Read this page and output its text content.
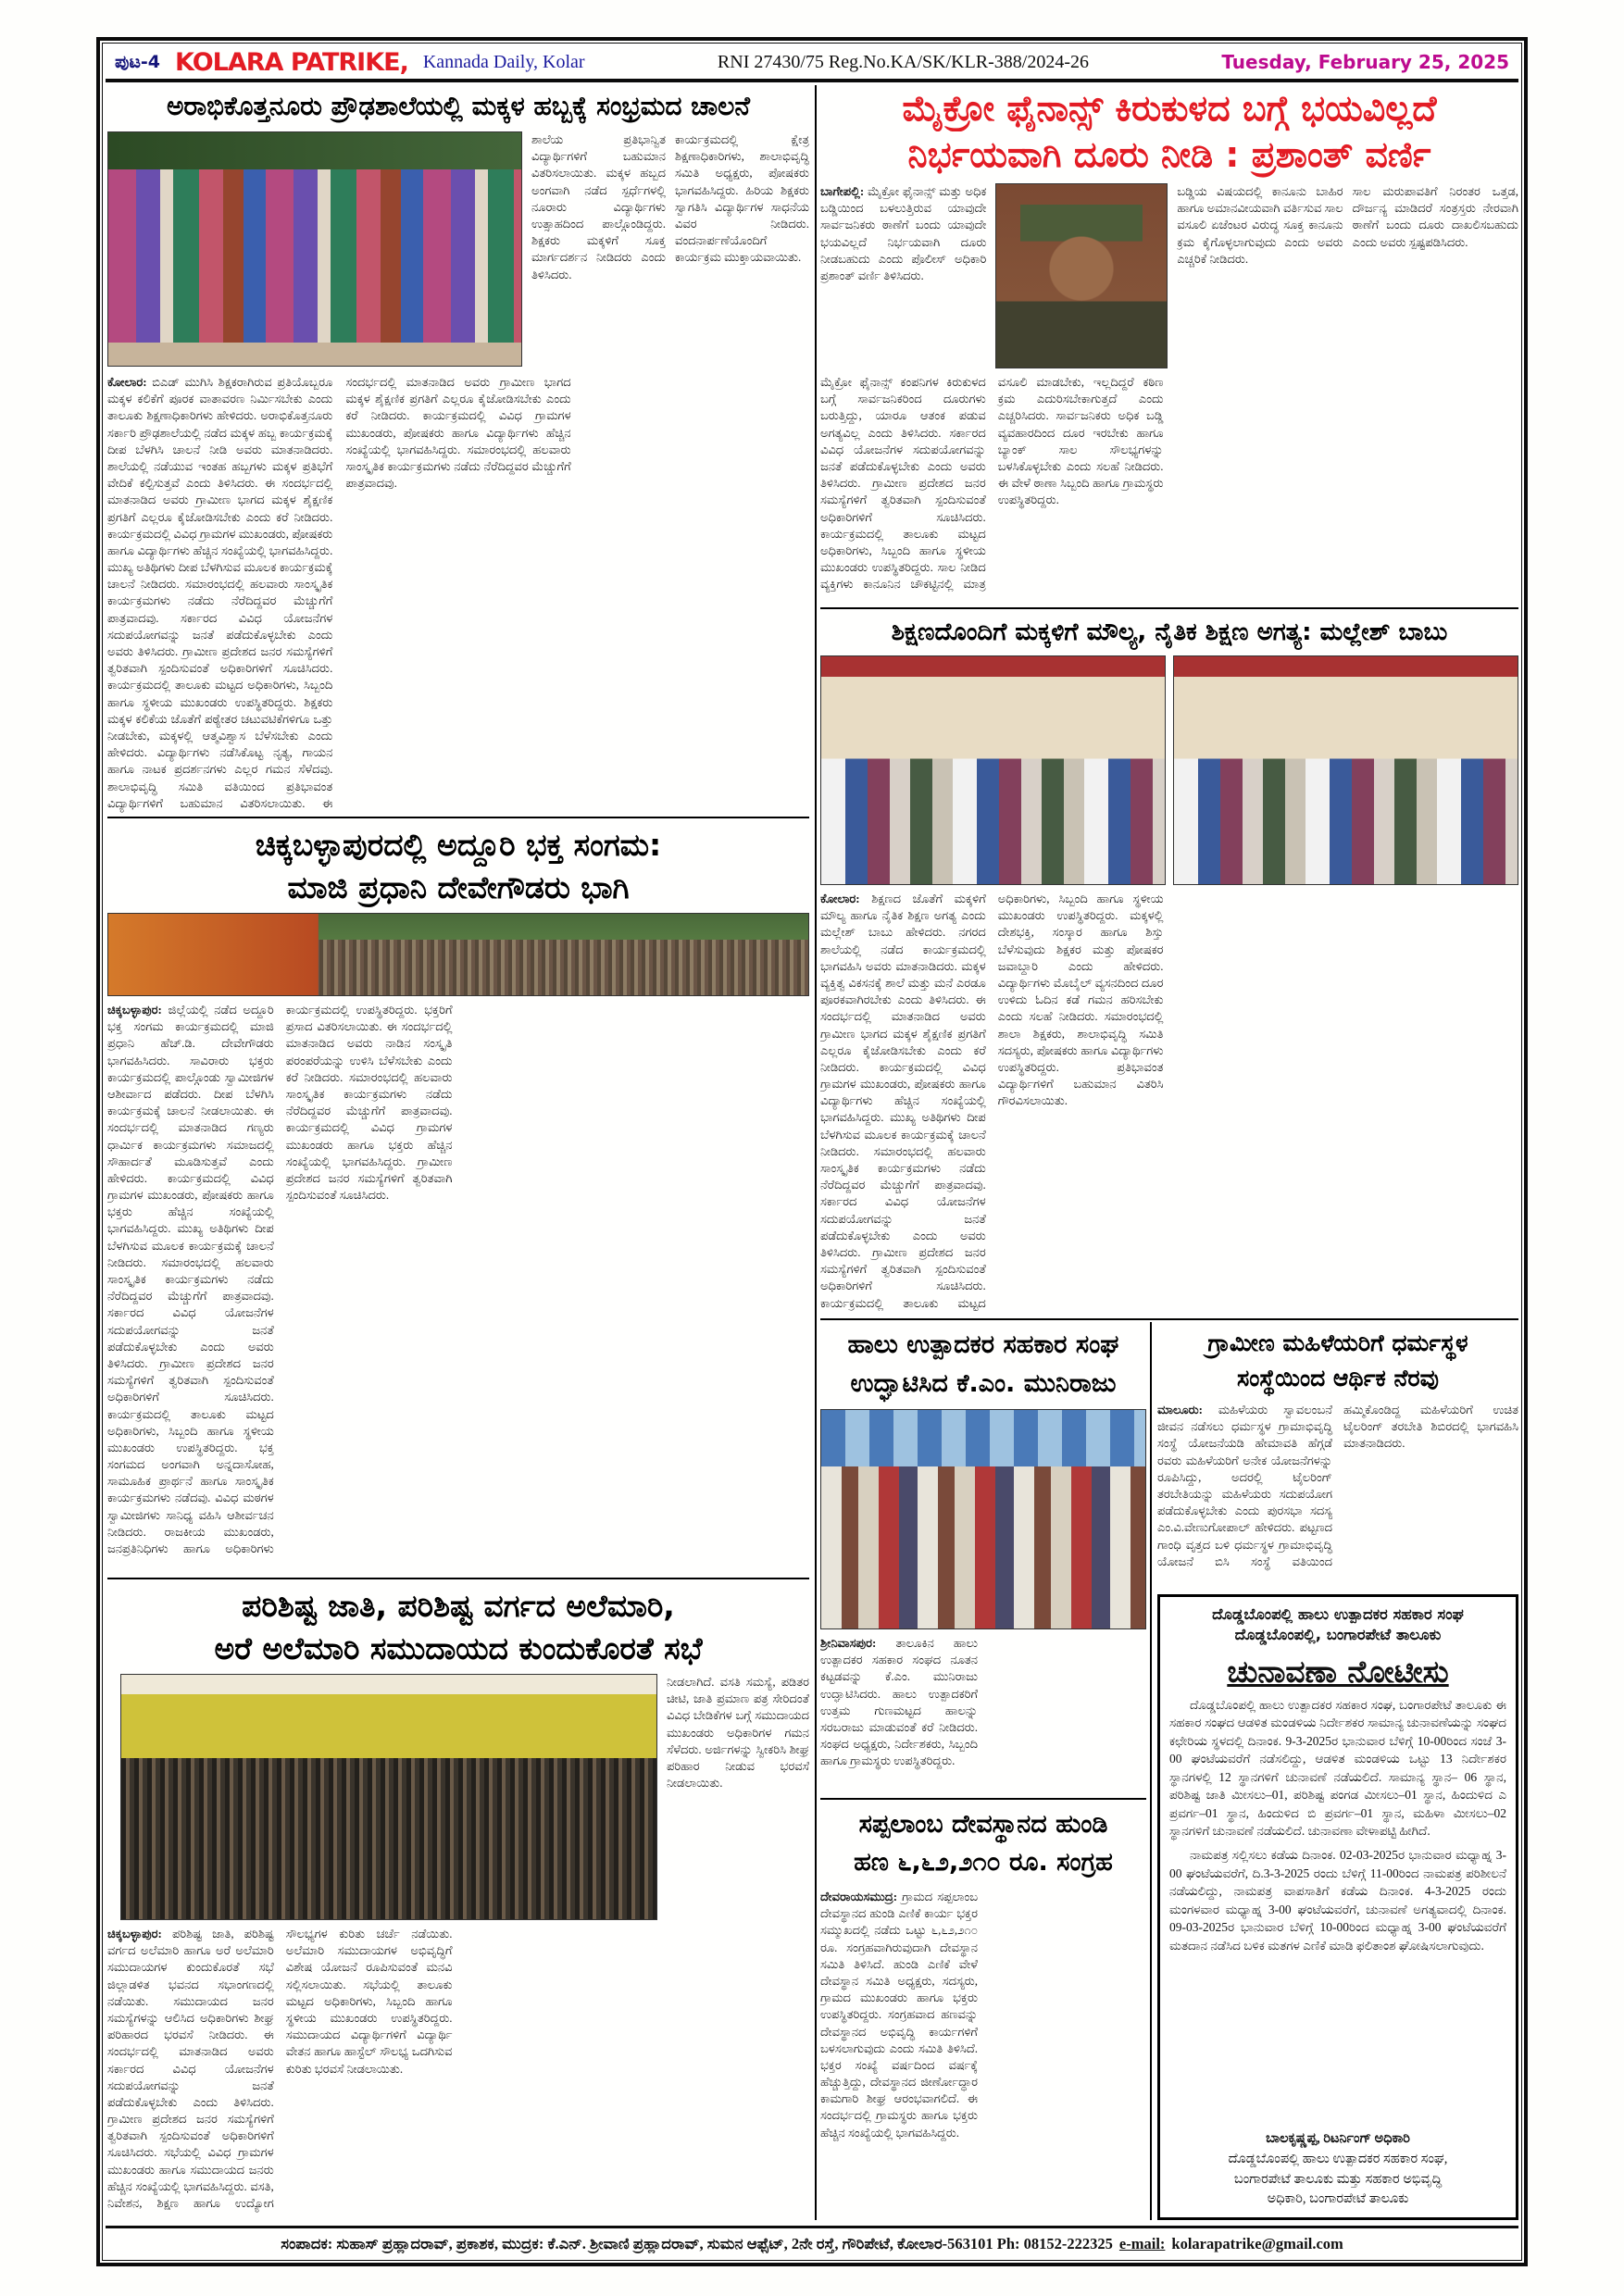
ಪುಟ-4 KOLARA PATRIKE, Kannada Daily, Kolar	RNI 27430/75 Reg.No.KA/SK/KLR-388/2024-26	Tuesday, February 25, 2025
ಅರಾಭಿಕೊತ್ತನೂರು ಪ್ರೌಢಶಾಲೆಯಲ್ಲಿ ಮಕ್ಕಳ ಹಬ್ಬಕ್ಕೆ ಸಂಭ್ರಮದ ಚಾಲನೆ
ಶಾಲೆಯ ಪ್ರತಿಭಾನ್ವಿತ ವಿದ್ಯಾರ್ಥಿಗಳಿಗೆ ಬಹುಮಾನ ವಿತರಿಸಲಾಯಿತು. ಮಕ್ಕಳ ಹಬ್ಬದ ಅಂಗವಾಗಿ ನಡೆದ ಸ್ಪರ್ಧೆಗಳಲ್ಲಿ ನೂರಾರು ವಿದ್ಯಾರ್ಥಿಗಳು ಉತ್ಸಾಹದಿಂದ ಪಾಲ್ಗೊಂಡಿದ್ದರು. ಶಿಕ್ಷಕರು ಮಕ್ಕಳಿಗೆ ಸೂಕ್ತ ಮಾರ್ಗದರ್ಶನ ನೀಡಿದರು ಎಂದು ತಿಳಿಸಿದರು.
ಕಾರ್ಯಕ್ರಮದಲ್ಲಿ ಕ್ಷೇತ್ರ ಶಿಕ್ಷಣಾಧಿಕಾರಿಗಳು, ಶಾಲಾಭಿವೃದ್ಧಿ ಸಮಿತಿ ಅಧ್ಯಕ್ಷರು, ಪೋಷಕರು ಭಾಗವಹಿಸಿದ್ದರು. ಹಿರಿಯ ಶಿಕ್ಷಕರು ಸ್ವಾಗತಿಸಿ ವಿದ್ಯಾರ್ಥಿಗಳ ಸಾಧನೆಯ ವಿವರ ನೀಡಿದರು. ವಂದನಾರ್ಪಣೆಯೊಂದಿಗೆ ಕಾರ್ಯಕ್ರಮ ಮುಕ್ತಾಯವಾಯಿತು.
ಕೋಲಾರ: ಬಿಎಡ್ ಮುಗಿಸಿ ಶಿಕ್ಷಕರಾಗಿರುವ ಪ್ರತಿಯೊಬ್ಬರೂ ಮಕ್ಕಳ ಕಲಿಕೆಗೆ ಪೂರಕ ವಾತಾವರಣ ನಿರ್ಮಿಸಬೇಕು ಎಂದು ತಾಲೂಕು ಶಿಕ್ಷಣಾಧಿಕಾರಿಗಳು ಹೇಳಿದರು. ಅರಾಭಿಕೊತ್ತನೂರು ಸರ್ಕಾರಿ ಪ್ರೌಢಶಾಲೆಯಲ್ಲಿ ನಡೆದ ಮಕ್ಕಳ ಹಬ್ಬ ಕಾರ್ಯಕ್ರಮಕ್ಕೆ ದೀಪ ಬೆಳಗಿಸಿ ಚಾಲನೆ ನೀಡಿ ಅವರು ಮಾತನಾಡಿದರು. ಶಾಲೆಯಲ್ಲಿ ನಡೆಯುವ ಇಂತಹ ಹಬ್ಬಗಳು ಮಕ್ಕಳ ಪ್ರತಿಭೆಗೆ ವೇದಿಕೆ ಕಲ್ಪಿಸುತ್ತವೆ ಎಂದು ತಿಳಿಸಿದರು. ಈ ಸಂದರ್ಭದಲ್ಲಿ ಮಾತನಾಡಿದ ಅವರು ಗ್ರಾಮೀಣ ಭಾಗದ ಮಕ್ಕಳ ಶೈಕ್ಷಣಿಕ ಪ್ರಗತಿಗೆ ಎಲ್ಲರೂ ಕೈಜೋಡಿಸಬೇಕು ಎಂದು ಕರೆ ನೀಡಿದರು. ಕಾರ್ಯಕ್ರಮದಲ್ಲಿ ವಿವಿಧ ಗ್ರಾಮಗಳ ಮುಖಂಡರು, ಪೋಷಕರು ಹಾಗೂ ವಿದ್ಯಾರ್ಥಿಗಳು ಹೆಚ್ಚಿನ ಸಂಖ್ಯೆಯಲ್ಲಿ ಭಾಗವಹಿಸಿದ್ದರು. ಮುಖ್ಯ ಅತಿಥಿಗಳು ದೀಪ ಬೆಳಗಿಸುವ ಮೂಲಕ ಕಾರ್ಯಕ್ರಮಕ್ಕೆ ಚಾಲನೆ ನೀಡಿದರು. ಸಮಾರಂಭದಲ್ಲಿ ಹಲವಾರು ಸಾಂಸ್ಕೃತಿಕ ಕಾರ್ಯಕ್ರಮಗಳು ನಡೆದು ನೆರೆದಿದ್ದವರ ಮೆಚ್ಚುಗೆಗೆ ಪಾತ್ರವಾದವು. ಸರ್ಕಾರದ ವಿವಿಧ ಯೋಜನೆಗಳ ಸದುಪಯೋಗವನ್ನು ಜನತೆ ಪಡೆದುಕೊಳ್ಳಬೇಕು ಎಂದು ಅವರು ತಿಳಿಸಿದರು. ಗ್ರಾಮೀಣ ಪ್ರದೇಶದ ಜನರ ಸಮಸ್ಯೆಗಳಿಗೆ ತ್ವರಿತವಾಗಿ ಸ್ಪಂದಿಸುವಂತೆ ಅಧಿಕಾರಿಗಳಿಗೆ ಸೂಚಿಸಿದರು. ಕಾರ್ಯಕ್ರಮದಲ್ಲಿ ತಾಲೂಕು ಮಟ್ಟದ ಅಧಿಕಾರಿಗಳು, ಸಿಬ್ಬಂದಿ ಹಾಗೂ ಸ್ಥಳೀಯ ಮುಖಂಡರು ಉಪಸ್ಥಿತರಿದ್ದರು. ಶಿಕ್ಷಕರು ಮಕ್ಕಳ ಕಲಿಕೆಯ ಜೊತೆಗೆ ಪಠ್ಯೇತರ ಚಟುವಟಿಕೆಗಳಿಗೂ ಒತ್ತು ನೀಡಬೇಕು, ಮಕ್ಕಳಲ್ಲಿ ಆತ್ಮವಿಶ್ವಾಸ ಬೆಳೆಸಬೇಕು ಎಂದು ಹೇಳಿದರು. ವಿದ್ಯಾರ್ಥಿಗಳು ನಡೆಸಿಕೊಟ್ಟ ನೃತ್ಯ, ಗಾಯನ ಹಾಗೂ ನಾಟಕ ಪ್ರದರ್ಶನಗಳು ಎಲ್ಲರ ಗಮನ ಸೆಳೆದವು. ಶಾಲಾಭಿವೃದ್ಧಿ ಸಮಿತಿ ವತಿಯಿಂದ ಪ್ರತಿಭಾವಂತ ವಿದ್ಯಾರ್ಥಿಗಳಿಗೆ ಬಹುಮಾನ ವಿತರಿಸಲಾಯಿತು. ಈ ಸಂದರ್ಭದಲ್ಲಿ ಮಾತನಾಡಿದ ಅವರು ಗ್ರಾಮೀಣ ಭಾಗದ ಮಕ್ಕಳ ಶೈಕ್ಷಣಿಕ ಪ್ರಗತಿಗೆ ಎಲ್ಲರೂ ಕೈಜೋಡಿಸಬೇಕು ಎಂದು ಕರೆ ನೀಡಿದರು. ಕಾರ್ಯಕ್ರಮದಲ್ಲಿ ವಿವಿಧ ಗ್ರಾಮಗಳ ಮುಖಂಡರು, ಪೋಷಕರು ಹಾಗೂ ವಿದ್ಯಾರ್ಥಿಗಳು ಹೆಚ್ಚಿನ ಸಂಖ್ಯೆಯಲ್ಲಿ ಭಾಗವಹಿಸಿದ್ದರು. ಸಮಾರಂಭದಲ್ಲಿ ಹಲವಾರು ಸಾಂಸ್ಕೃತಿಕ ಕಾರ್ಯಕ್ರಮಗಳು ನಡೆದು ನೆರೆದಿದ್ದವರ ಮೆಚ್ಚುಗೆಗೆ ಪಾತ್ರವಾದವು.
ಚಿಕ್ಕಬಳ್ಳಾಪುರದಲ್ಲಿ ಅದ್ದೂರಿ ಭಕ್ತ ಸಂಗಮ:
ಮಾಜಿ ಪ್ರಧಾನಿ ದೇವೇಗೌಡರು ಭಾಗಿ
ಚಿಕ್ಕಬಳ್ಳಾಪುರ: ಜಿಲ್ಲೆಯಲ್ಲಿ ನಡೆದ ಅದ್ದೂರಿ ಭಕ್ತ ಸಂಗಮ ಕಾರ್ಯಕ್ರಮದಲ್ಲಿ ಮಾಜಿ ಪ್ರಧಾನಿ ಹೆಚ್.ಡಿ. ದೇವೇಗೌಡರು ಭಾಗವಹಿಸಿದರು. ಸಾವಿರಾರು ಭಕ್ತರು ಕಾರ್ಯಕ್ರಮದಲ್ಲಿ ಪಾಲ್ಗೊಂಡು ಸ್ವಾಮೀಜಿಗಳ ಆಶೀರ್ವಾದ ಪಡೆದರು. ದೀಪ ಬೆಳಗಿಸಿ ಕಾರ್ಯಕ್ರಮಕ್ಕೆ ಚಾಲನೆ ನೀಡಲಾಯಿತು. ಈ ಸಂದರ್ಭದಲ್ಲಿ ಮಾತನಾಡಿದ ಗಣ್ಯರು ಧಾರ್ಮಿಕ ಕಾರ್ಯಕ್ರಮಗಳು ಸಮಾಜದಲ್ಲಿ ಸೌಹಾರ್ದತೆ ಮೂಡಿಸುತ್ತವೆ ಎಂದು ಹೇಳಿದರು. ಕಾರ್ಯಕ್ರಮದಲ್ಲಿ ವಿವಿಧ ಗ್ರಾಮಗಳ ಮುಖಂಡರು, ಪೋಷಕರು ಹಾಗೂ ಭಕ್ತರು ಹೆಚ್ಚಿನ ಸಂಖ್ಯೆಯಲ್ಲಿ ಭಾಗವಹಿಸಿದ್ದರು. ಮುಖ್ಯ ಅತಿಥಿಗಳು ದೀಪ ಬೆಳಗಿಸುವ ಮೂಲಕ ಕಾರ್ಯಕ್ರಮಕ್ಕೆ ಚಾಲನೆ ನೀಡಿದರು. ಸಮಾರಂಭದಲ್ಲಿ ಹಲವಾರು ಸಾಂಸ್ಕೃತಿಕ ಕಾರ್ಯಕ್ರಮಗಳು ನಡೆದು ನೆರೆದಿದ್ದವರ ಮೆಚ್ಚುಗೆಗೆ ಪಾತ್ರವಾದವು. ಸರ್ಕಾರದ ವಿವಿಧ ಯೋಜನೆಗಳ ಸದುಪಯೋಗವನ್ನು ಜನತೆ ಪಡೆದುಕೊಳ್ಳಬೇಕು ಎಂದು ಅವರು ತಿಳಿಸಿದರು. ಗ್ರಾಮೀಣ ಪ್ರದೇಶದ ಜನರ ಸಮಸ್ಯೆಗಳಿಗೆ ತ್ವರಿತವಾಗಿ ಸ್ಪಂದಿಸುವಂತೆ ಅಧಿಕಾರಿಗಳಿಗೆ ಸೂಚಿಸಿದರು. ಕಾರ್ಯಕ್ರಮದಲ್ಲಿ ತಾಲೂಕು ಮಟ್ಟದ ಅಧಿಕಾರಿಗಳು, ಸಿಬ್ಬಂದಿ ಹಾಗೂ ಸ್ಥಳೀಯ ಮುಖಂಡರು ಉಪಸ್ಥಿತರಿದ್ದರು. ಭಕ್ತ ಸಂಗಮದ ಅಂಗವಾಗಿ ಅನ್ನದಾಸೋಹ, ಸಾಮೂಹಿಕ ಪ್ರಾರ್ಥನೆ ಹಾಗೂ ಸಾಂಸ್ಕೃತಿಕ ಕಾರ್ಯಕ್ರಮಗಳು ನಡೆದವು. ವಿವಿಧ ಮಠಗಳ ಸ್ವಾಮೀಜಿಗಳು ಸಾನಿಧ್ಯ ವಹಿಸಿ ಆಶೀರ್ವಚನ ನೀಡಿದರು. ರಾಜಕೀಯ ಮುಖಂಡರು, ಜನಪ್ರತಿನಿಧಿಗಳು ಹಾಗೂ ಅಧಿಕಾರಿಗಳು ಕಾರ್ಯಕ್ರಮದಲ್ಲಿ ಉಪಸ್ಥಿತರಿದ್ದರು. ಭಕ್ತರಿಗೆ ಪ್ರಸಾದ ವಿತರಿಸಲಾಯಿತು. ಈ ಸಂದರ್ಭದಲ್ಲಿ ಮಾತನಾಡಿದ ಅವರು ನಾಡಿನ ಸಂಸ್ಕೃತಿ ಪರಂಪರೆಯನ್ನು ಉಳಿಸಿ ಬೆಳೆಸಬೇಕು ಎಂದು ಕರೆ ನೀಡಿದರು. ಸಮಾರಂಭದಲ್ಲಿ ಹಲವಾರು ಸಾಂಸ್ಕೃತಿಕ ಕಾರ್ಯಕ್ರಮಗಳು ನಡೆದು ನೆರೆದಿದ್ದವರ ಮೆಚ್ಚುಗೆಗೆ ಪಾತ್ರವಾದವು. ಕಾರ್ಯಕ್ರಮದಲ್ಲಿ ವಿವಿಧ ಗ್ರಾಮಗಳ ಮುಖಂಡರು ಹಾಗೂ ಭಕ್ತರು ಹೆಚ್ಚಿನ ಸಂಖ್ಯೆಯಲ್ಲಿ ಭಾಗವಹಿಸಿದ್ದರು. ಗ್ರಾಮೀಣ ಪ್ರದೇಶದ ಜನರ ಸಮಸ್ಯೆಗಳಿಗೆ ತ್ವರಿತವಾಗಿ ಸ್ಪಂದಿಸುವಂತೆ ಸೂಚಿಸಿದರು.
ಪರಿಶಿಷ್ಟ ಜಾತಿ, ಪರಿಶಿಷ್ಟ ವರ್ಗದ ಅಲೆಮಾರಿ,
ಅರೆ ಅಲೆಮಾರಿ ಸಮುದಾಯದ ಕುಂದುಕೊರತೆ ಸಭೆ
ನೀಡಲಾಗಿದೆ. ವಸತಿ ಸಮಸ್ಯೆ, ಪಡಿತರ ಚೀಟಿ, ಜಾತಿ ಪ್ರಮಾಣ ಪತ್ರ ಸೇರಿದಂತೆ ವಿವಿಧ ಬೇಡಿಕೆಗಳ ಬಗ್ಗೆ ಸಮುದಾಯದ ಮುಖಂಡರು ಅಧಿಕಾರಿಗಳ ಗಮನ ಸೆಳೆದರು. ಅರ್ಜಿಗಳನ್ನು ಸ್ವೀಕರಿಸಿ ಶೀಘ್ರ ಪರಿಹಾರ ನೀಡುವ ಭರವಸೆ ನೀಡಲಾಯಿತು.
ಚಿಕ್ಕಬಳ್ಳಾಪುರ: ಪರಿಶಿಷ್ಟ ಜಾತಿ, ಪರಿಶಿಷ್ಟ ವರ್ಗದ ಅಲೆಮಾರಿ ಹಾಗೂ ಅರೆ ಅಲೆಮಾರಿ ಸಮುದಾಯಗಳ ಕುಂದುಕೊರತೆ ಸಭೆ ಜಿಲ್ಲಾಡಳಿತ ಭವನದ ಸಭಾಂಗಣದಲ್ಲಿ ನಡೆಯಿತು. ಸಮುದಾಯದ ಜನರ ಸಮಸ್ಯೆಗಳನ್ನು ಆಲಿಸಿದ ಅಧಿಕಾರಿಗಳು ಶೀಘ್ರ ಪರಿಹಾರದ ಭರವಸೆ ನೀಡಿದರು. ಈ ಸಂದರ್ಭದಲ್ಲಿ ಮಾತನಾಡಿದ ಅವರು ಸರ್ಕಾರದ ವಿವಿಧ ಯೋಜನೆಗಳ ಸದುಪಯೋಗವನ್ನು ಜನತೆ ಪಡೆದುಕೊಳ್ಳಬೇಕು ಎಂದು ತಿಳಿಸಿದರು. ಗ್ರಾಮೀಣ ಪ್ರದೇಶದ ಜನರ ಸಮಸ್ಯೆಗಳಿಗೆ ತ್ವರಿತವಾಗಿ ಸ್ಪಂದಿಸುವಂತೆ ಅಧಿಕಾರಿಗಳಿಗೆ ಸೂಚಿಸಿದರು. ಸಭೆಯಲ್ಲಿ ವಿವಿಧ ಗ್ರಾಮಗಳ ಮುಖಂಡರು ಹಾಗೂ ಸಮುದಾಯದ ಜನರು ಹೆಚ್ಚಿನ ಸಂಖ್ಯೆಯಲ್ಲಿ ಭಾಗವಹಿಸಿದ್ದರು. ವಸತಿ, ನಿವೇಶನ, ಶಿಕ್ಷಣ ಹಾಗೂ ಉದ್ಯೋಗ ಸೌಲಭ್ಯಗಳ ಕುರಿತು ಚರ್ಚೆ ನಡೆಯಿತು. ಅಲೆಮಾರಿ ಸಮುದಾಯಗಳ ಅಭಿವೃದ್ಧಿಗೆ ವಿಶೇಷ ಯೋಜನೆ ರೂಪಿಸುವಂತೆ ಮನವಿ ಸಲ್ಲಿಸಲಾಯಿತು. ಸಭೆಯಲ್ಲಿ ತಾಲೂಕು ಮಟ್ಟದ ಅಧಿಕಾರಿಗಳು, ಸಿಬ್ಬಂದಿ ಹಾಗೂ ಸ್ಥಳೀಯ ಮುಖಂಡರು ಉಪಸ್ಥಿತರಿದ್ದರು. ಸಮುದಾಯದ ವಿದ್ಯಾರ್ಥಿಗಳಿಗೆ ವಿದ್ಯಾರ್ಥಿ ವೇತನ ಹಾಗೂ ಹಾಸ್ಟೆಲ್ ಸೌಲಭ್ಯ ಒದಗಿಸುವ ಕುರಿತು ಭರವಸೆ ನೀಡಲಾಯಿತು.
ಮೈಕ್ರೋ ಫೈನಾನ್ಸ್ ಕಿರುಕುಳದ ಬಗ್ಗೆ ಭಯವಿಲ್ಲದೆ
ನಿರ್ಭಯವಾಗಿ ದೂರು ನೀಡಿ : ಪ್ರಶಾಂತ್ ವರ್ಣಿ
ಬಾಗೇಪಲ್ಲಿ: ಮೈಕ್ರೋ ಫೈನಾನ್ಸ್ ಮತ್ತು ಅಧಿಕ ಬಡ್ಡಿಯಿಂದ ಬಳಲುತ್ತಿರುವ ಯಾವುದೇ ಸಾರ್ವಜನಿಕರು ಠಾಣೆಗೆ ಬಂದು ಯಾವುದೇ ಭಯವಿಲ್ಲದೆ ನಿರ್ಭಯವಾಗಿ ದೂರು ನೀಡಬಹುದು ಎಂದು ಪೊಲೀಸ್ ಅಧಿಕಾರಿ ಪ್ರಶಾಂತ್ ವರ್ಣಿ ತಿಳಿಸಿದರು.
ಬಡ್ಡಿಯ ವಿಷಯದಲ್ಲಿ ಕಾನೂನು ಬಾಹಿರ ಹಾಗೂ ಅಮಾನವೀಯವಾಗಿ ವರ್ತಿಸುವ ಸಾಲ ವಸೂಲಿ ಏಜೆಂಟರ ವಿರುದ್ಧ ಸೂಕ್ತ ಕಾನೂನು ಕ್ರಮ ಕೈಗೊಳ್ಳಲಾಗುವುದು ಎಂದು ಅವರು ಎಚ್ಚರಿಕೆ ನೀಡಿದರು.
ಸಾಲ ಮರುಪಾವತಿಗೆ ನಿರಂತರ ಒತ್ತಡ, ದೌರ್ಜನ್ಯ ಮಾಡಿದರೆ ಸಂತ್ರಸ್ತರು ನೇರವಾಗಿ ಠಾಣೆಗೆ ಬಂದು ದೂರು ದಾಖಲಿಸಬಹುದು ಎಂದು ಅವರು ಸ್ಪಷ್ಟಪಡಿಸಿದರು.
ಮೈಕ್ರೋ ಫೈನಾನ್ಸ್ ಕಂಪನಿಗಳ ಕಿರುಕುಳದ ಬಗ್ಗೆ ಸಾರ್ವಜನಿಕರಿಂದ ದೂರುಗಳು ಬರುತ್ತಿದ್ದು, ಯಾರೂ ಆತಂಕ ಪಡುವ ಅಗತ್ಯವಿಲ್ಲ ಎಂದು ತಿಳಿಸಿದರು. ಸರ್ಕಾರದ ವಿವಿಧ ಯೋಜನೆಗಳ ಸದುಪಯೋಗವನ್ನು ಜನತೆ ಪಡೆದುಕೊಳ್ಳಬೇಕು ಎಂದು ಅವರು ತಿಳಿಸಿದರು. ಗ್ರಾಮೀಣ ಪ್ರದೇಶದ ಜನರ ಸಮಸ್ಯೆಗಳಿಗೆ ತ್ವರಿತವಾಗಿ ಸ್ಪಂದಿಸುವಂತೆ ಅಧಿಕಾರಿಗಳಿಗೆ ಸೂಚಿಸಿದರು. ಕಾರ್ಯಕ್ರಮದಲ್ಲಿ ತಾಲೂಕು ಮಟ್ಟದ ಅಧಿಕಾರಿಗಳು, ಸಿಬ್ಬಂದಿ ಹಾಗೂ ಸ್ಥಳೀಯ ಮುಖಂಡರು ಉಪಸ್ಥಿತರಿದ್ದರು. ಸಾಲ ನೀಡಿದ ವ್ಯಕ್ತಿಗಳು ಕಾನೂನಿನ ಚೌಕಟ್ಟಿನಲ್ಲಿ ಮಾತ್ರ ವಸೂಲಿ ಮಾಡಬೇಕು, ಇಲ್ಲದಿದ್ದರೆ ಕಠಿಣ ಕ್ರಮ ಎದುರಿಸಬೇಕಾಗುತ್ತದೆ ಎಂದು ಎಚ್ಚರಿಸಿದರು. ಸಾರ್ವಜನಿಕರು ಅಧಿಕ ಬಡ್ಡಿ ವ್ಯವಹಾರದಿಂದ ದೂರ ಇರಬೇಕು ಹಾಗೂ ಬ್ಯಾಂಕ್ ಸಾಲ ಸೌಲಭ್ಯಗಳನ್ನು ಬಳಸಿಕೊಳ್ಳಬೇಕು ಎಂದು ಸಲಹೆ ನೀಡಿದರು. ಈ ವೇಳೆ ಠಾಣಾ ಸಿಬ್ಬಂದಿ ಹಾಗೂ ಗ್ರಾಮಸ್ಥರು ಉಪಸ್ಥಿತರಿದ್ದರು.
ಶಿಕ್ಷಣದೊಂದಿಗೆ ಮಕ್ಕಳಿಗೆ ಮೌಲ್ಯ, ನೈತಿಕ ಶಿಕ್ಷಣ ಅಗತ್ಯ: ಮಲ್ಲೇಶ್ ಬಾಬು
ಕೋಲಾರ: ಶಿಕ್ಷಣದ ಜೊತೆಗೆ ಮಕ್ಕಳಿಗೆ ಮೌಲ್ಯ ಹಾಗೂ ನೈತಿಕ ಶಿಕ್ಷಣ ಅಗತ್ಯ ಎಂದು ಮಲ್ಲೇಶ್ ಬಾಬು ಹೇಳಿದರು. ನಗರದ ಶಾಲೆಯಲ್ಲಿ ನಡೆದ ಕಾರ್ಯಕ್ರಮದಲ್ಲಿ ಭಾಗವಹಿಸಿ ಅವರು ಮಾತನಾಡಿದರು. ಮಕ್ಕಳ ವ್ಯಕ್ತಿತ್ವ ವಿಕಸನಕ್ಕೆ ಶಾಲೆ ಮತ್ತು ಮನೆ ಎರಡೂ ಪೂರಕವಾಗಿರಬೇಕು ಎಂದು ತಿಳಿಸಿದರು. ಈ ಸಂದರ್ಭದಲ್ಲಿ ಮಾತನಾಡಿದ ಅವರು ಗ್ರಾಮೀಣ ಭಾಗದ ಮಕ್ಕಳ ಶೈಕ್ಷಣಿಕ ಪ್ರಗತಿಗೆ ಎಲ್ಲರೂ ಕೈಜೋಡಿಸಬೇಕು ಎಂದು ಕರೆ ನೀಡಿದರು. ಕಾರ್ಯಕ್ರಮದಲ್ಲಿ ವಿವಿಧ ಗ್ರಾಮಗಳ ಮುಖಂಡರು, ಪೋಷಕರು ಹಾಗೂ ವಿದ್ಯಾರ್ಥಿಗಳು ಹೆಚ್ಚಿನ ಸಂಖ್ಯೆಯಲ್ಲಿ ಭಾಗವಹಿಸಿದ್ದರು. ಮುಖ್ಯ ಅತಿಥಿಗಳು ದೀಪ ಬೆಳಗಿಸುವ ಮೂಲಕ ಕಾರ್ಯಕ್ರಮಕ್ಕೆ ಚಾಲನೆ ನೀಡಿದರು. ಸಮಾರಂಭದಲ್ಲಿ ಹಲವಾರು ಸಾಂಸ್ಕೃತಿಕ ಕಾರ್ಯಕ್ರಮಗಳು ನಡೆದು ನೆರೆದಿದ್ದವರ ಮೆಚ್ಚುಗೆಗೆ ಪಾತ್ರವಾದವು. ಸರ್ಕಾರದ ವಿವಿಧ ಯೋಜನೆಗಳ ಸದುಪಯೋಗವನ್ನು ಜನತೆ ಪಡೆದುಕೊಳ್ಳಬೇಕು ಎಂದು ಅವರು ತಿಳಿಸಿದರು. ಗ್ರಾಮೀಣ ಪ್ರದೇಶದ ಜನರ ಸಮಸ್ಯೆಗಳಿಗೆ ತ್ವರಿತವಾಗಿ ಸ್ಪಂದಿಸುವಂತೆ ಅಧಿಕಾರಿಗಳಿಗೆ ಸೂಚಿಸಿದರು. ಕಾರ್ಯಕ್ರಮದಲ್ಲಿ ತಾಲೂಕು ಮಟ್ಟದ ಅಧಿಕಾರಿಗಳು, ಸಿಬ್ಬಂದಿ ಹಾಗೂ ಸ್ಥಳೀಯ ಮುಖಂಡರು ಉಪಸ್ಥಿತರಿದ್ದರು. ಮಕ್ಕಳಲ್ಲಿ ದೇಶಭಕ್ತಿ, ಸಂಸ್ಕಾರ ಹಾಗೂ ಶಿಸ್ತು ಬೆಳೆಸುವುದು ಶಿಕ್ಷಕರ ಮತ್ತು ಪೋಷಕರ ಜವಾಬ್ದಾರಿ ಎಂದು ಹೇಳಿದರು. ವಿದ್ಯಾರ್ಥಿಗಳು ಮೊಬೈಲ್ ವ್ಯಸನದಿಂದ ದೂರ ಉಳಿದು ಓದಿನ ಕಡೆ ಗಮನ ಹರಿಸಬೇಕು ಎಂದು ಸಲಹೆ ನೀಡಿದರು. ಸಮಾರಂಭದಲ್ಲಿ ಶಾಲಾ ಶಿಕ್ಷಕರು, ಶಾಲಾಭಿವೃದ್ಧಿ ಸಮಿತಿ ಸದಸ್ಯರು, ಪೋಷಕರು ಹಾಗೂ ವಿದ್ಯಾರ್ಥಿಗಳು ಉಪಸ್ಥಿತರಿದ್ದರು. ಪ್ರತಿಭಾವಂತ ವಿದ್ಯಾರ್ಥಿಗಳಿಗೆ ಬಹುಮಾನ ವಿತರಿಸಿ ಗೌರವಿಸಲಾಯಿತು.
ಹಾಲು ಉತ್ಪಾದಕರ ಸಹಕಾರ ಸಂಘ
ಉದ್ಘಾಟಿಸಿದ ಕೆ.ಎಂ. ಮುನಿರಾಜು
ಶ್ರೀನಿವಾಸಪುರ: ತಾಲೂಕಿನ ಹಾಲು ಉತ್ಪಾದಕರ ಸಹಕಾರ ಸಂಘದ ನೂತನ ಕಟ್ಟಡವನ್ನು ಕೆ.ಎಂ. ಮುನಿರಾಜು ಉದ್ಘಾಟಿಸಿದರು. ಹಾಲು ಉತ್ಪಾದಕರಿಗೆ ಉತ್ತಮ ಗುಣಮಟ್ಟದ ಹಾಲನ್ನು ಸರಬರಾಜು ಮಾಡುವಂತೆ ಕರೆ ನೀಡಿದರು. ಸಂಘದ ಅಧ್ಯಕ್ಷರು, ನಿರ್ದೇಶಕರು, ಸಿಬ್ಬಂದಿ ಹಾಗೂ ಗ್ರಾಮಸ್ಥರು ಉಪಸ್ಥಿತರಿದ್ದರು.
ಸಪ್ಪಲಾಂಬ ದೇವಸ್ಥಾನದ ಹುಂಡಿ
ಹಣ ೬,೬೨,೨೧೦ ರೂ. ಸಂಗ್ರಹ
ದೇವರಾಯಸಮುದ್ರ: ಗ್ರಾಮದ ಸಪ್ಪಲಾಂಬ ದೇವಸ್ಥಾನದ ಹುಂಡಿ ಎಣಿಕೆ ಕಾರ್ಯ ಭಕ್ತರ ಸಮ್ಮುಖದಲ್ಲಿ ನಡೆದು ಒಟ್ಟು ೬,೬೨,೨೧೦ ರೂ. ಸಂಗ್ರಹವಾಗಿರುವುದಾಗಿ ದೇವಸ್ಥಾನ ಸಮಿತಿ ತಿಳಿಸಿದೆ. ಹುಂಡಿ ಎಣಿಕೆ ವೇಳೆ ದೇವಸ್ಥಾನ ಸಮಿತಿ ಅಧ್ಯಕ್ಷರು, ಸದಸ್ಯರು, ಗ್ರಾಮದ ಮುಖಂಡರು ಹಾಗೂ ಭಕ್ತರು ಉಪಸ್ಥಿತರಿದ್ದರು. ಸಂಗ್ರಹವಾದ ಹಣವನ್ನು ದೇವಸ್ಥಾನದ ಅಭಿವೃದ್ಧಿ ಕಾರ್ಯಗಳಿಗೆ ಬಳಸಲಾಗುವುದು ಎಂದು ಸಮಿತಿ ತಿಳಿಸಿದೆ. ಭಕ್ತರ ಸಂಖ್ಯೆ ವರ್ಷದಿಂದ ವರ್ಷಕ್ಕೆ ಹೆಚ್ಚುತ್ತಿದ್ದು, ದೇವಸ್ಥಾನದ ಜೀರ್ಣೋದ್ಧಾರ ಕಾಮಗಾರಿ ಶೀಘ್ರ ಆರಂಭವಾಗಲಿದೆ. ಈ ಸಂದರ್ಭದಲ್ಲಿ ಗ್ರಾಮಸ್ಥರು ಹಾಗೂ ಭಕ್ತರು ಹೆಚ್ಚಿನ ಸಂಖ್ಯೆಯಲ್ಲಿ ಭಾಗವಹಿಸಿದ್ದರು.
ಗ್ರಾಮೀಣ ಮಹಿಳೆಯರಿಗೆ ಧರ್ಮಸ್ಥಳ
ಸಂಸ್ಥೆಯಿಂದ ಆರ್ಥಿಕ ನೆರವು
ಮಾಲೂರು: ಮಹಿಳೆಯರು ಸ್ವಾವಲಂಬನೆ ಜೀವನ ನಡೆಸಲು ಧರ್ಮಸ್ಥಳ ಗ್ರಾಮಾಭಿವೃದ್ಧಿ ಸಂಸ್ಥೆ ಯೋಜನೆಯಡಿ ಹೇಮಾವತಿ ಹೆಗ್ಗಡೆ ರವರು ಮಹಿಳೆಯರಿಗೆ ಅನೇಕ ಯೋಜನೆಗಳನ್ನು ರೂಪಿಸಿದ್ದು, ಅದರಲ್ಲಿ ಟೈಲರಿಂಗ್ ತರಬೇತಿಯನ್ನು ಮಹಿಳೆಯರು ಸದುಪಯೋಗ ಪಡೆದುಕೊಳ್ಳಬೇಕು ಎಂದು ಪುರಸಭಾ ಸದಸ್ಯ ಎಂ.ವಿ.ವೇಣುಗೋಪಾಲ್ ಹೇಳಿದರು. ಪಟ್ಟಣದ ಗಾಂಧಿ ವೃತ್ತದ ಬಳಿ ಧರ್ಮಸ್ಥಳ ಗ್ರಾಮಾಭಿವೃದ್ಧಿ ಯೋಜನೆ ಬಿಸಿ ಸಂಸ್ಥೆ ವತಿಯಿಂದ ಹಮ್ಮಿಕೊಂಡಿದ್ದ ಮಹಿಳೆಯರಿಗೆ ಉಚಿತ ಟೈಲರಿಂಗ್ ತರಬೇತಿ ಶಿಬಿರದಲ್ಲಿ ಭಾಗವಹಿಸಿ ಮಾತನಾಡಿದರು.
ದೊಡ್ಡಬೊಂಪಲ್ಲಿ ಹಾಲು ಉತ್ಪಾದಕರ ಸಹಕಾರ ಸಂಘ
ದೊಡ್ಡಬೊಂಪಲ್ಲಿ, ಬಂಗಾರಪೇಟೆ ತಾಲೂಕು
ಚುನಾವಣಾ ನೋಟೀಸು

ದೊಡ್ಡಬೊಂಪಲ್ಲಿ ಹಾಲು ಉತ್ಪಾದಕರ ಸಹಕಾರ ಸಂಘ, ಬಂಗಾರಪೇಟೆ ತಾಲೂಕು ಈ ಸಹಕಾರ ಸಂಘದ ಆಡಳಿತ ಮಂಡಳಿಯ ನಿರ್ದೇಶಕರ ಸಾಮಾನ್ಯ ಚುನಾವಣೆಯನ್ನು ಸಂಘದ ಕಛೇರಿಯ ಸ್ಥಳದಲ್ಲಿ ದಿನಾಂಕ. 9-3-2025ರ ಭಾನುವಾರ ಬೆಳಿಗ್ಗೆ 10-00ರಿಂದ ಸಂಜೆ 3-00 ಘಂಟೆಯವರೆಗೆ ನಡೆಸಲಿದ್ದು, ಆಡಳಿತ ಮಂಡಳಿಯ ಒಟ್ಟು 13 ನಿರ್ದೇಶಕರ ಸ್ಥಾನಗಳಲ್ಲಿ 12 ಸ್ಥಾನಗಳಿಗೆ ಚುನಾವಣೆ ನಡೆಯಲಿದೆ. ಸಾಮಾನ್ಯ ಸ್ಥಾನ– 06 ಸ್ಥಾನ, ಪರಿಶಿಷ್ಟ ಜಾತಿ ಮೀಸಲು–01, ಪರಿಶಿಷ್ಟ ಪಂಗಡ ಮೀಸಲು–01 ಸ್ಥಾನ, ಹಿಂದುಳಿದ ಎ ಪ್ರವರ್ಗ–01 ಸ್ಥಾನ, ಹಿಂದುಳಿದ ಬಿ ಪ್ರವರ್ಗ–01 ಸ್ಥಾನ, ಮಹಿಳಾ ಮೀಸಲು–02 ಸ್ಥಾನಗಳಿಗೆ ಚುನಾವಣೆ ನಡೆಯಲಿದೆ. ಚುನಾವಣಾ ವೇಳಾಪಟ್ಟಿ ಹೀಗಿದೆ.

ನಾಮಪತ್ರ ಸಲ್ಲಿಸಲು ಕಡೆಯ ದಿನಾಂಕ. 02-03-2025ರ ಭಾನುವಾರ ಮಧ್ಯಾಹ್ನ 3-00 ಘಂಟೆಯವರೆಗೆ, ದಿ.3-3-2025 ರಂದು ಬೆಳಿಗ್ಗೆ 11-00ರಿಂದ ನಾಮಪತ್ರ ಪರಿಶೀಲನೆ ನಡೆಯಲಿದ್ದು, ನಾಮಪತ್ರ ವಾಪಸಾತಿಗೆ ಕಡೆಯ ದಿನಾಂಕ. 4-3-2025 ರಂದು ಮಂಗಳವಾರ ಮಧ್ಯಾಹ್ನ 3-00 ಘಂಟೆಯವರೆಗೆ, ಚುನಾವಣೆ ಅಗತ್ಯವಾದಲ್ಲಿ ದಿನಾಂಕ. 09-03-2025ರ ಭಾನುವಾರ ಬೆಳಿಗ್ಗೆ 10-00ರಿಂದ ಮಧ್ಯಾಹ್ನ 3-00 ಘಂಟೆಯವರೆಗೆ ಮತದಾನ ನಡೆಸಿದ ಬಳಿಕ ಮತಗಳ ಎಣಿಕೆ ಮಾಡಿ ಫಲಿತಾಂಶ ಘೋಷಿಸಲಾಗುವುದು.

ಬಾಲಕೃಷ್ಣಪ್ಪ, ರಿಟರ್ನಿಂಗ್ ಅಧಿಕಾರಿ
ದೊಡ್ಡಬೊಂಪಲ್ಲಿ ಹಾಲು ಉತ್ಪಾದಕರ ಸಹಕಾರ ಸಂಘ,
ಬಂಗಾರಪೇಟೆ ತಾಲೂಕು ಮತ್ತು ಸಹಕಾರ ಅಭಿವೃದ್ಧಿ
ಅಧಿಕಾರಿ, ಬಂಗಾರಪೇಟೆ ತಾಲೂಕು
ಸಂಪಾದಕ: ಸುಹಾಸ್ ಪ್ರಹ್ಲಾದರಾವ್, ಪ್ರಕಾಶಕ, ಮುದ್ರಕ: ಕೆ.ಎನ್. ಶ್ರೀವಾಣಿ ಪ್ರಹ್ಲಾದರಾವ್, ಸುಮನ ಆಫ್ಸೆಟ್, 2ನೇ ರಸ್ತೆ, ಗೌರಿಪೇಟೆ, ಕೋಲಾರ-563101 Ph: 08152-222325 e-mail: kolarapatrike@gmail.com
